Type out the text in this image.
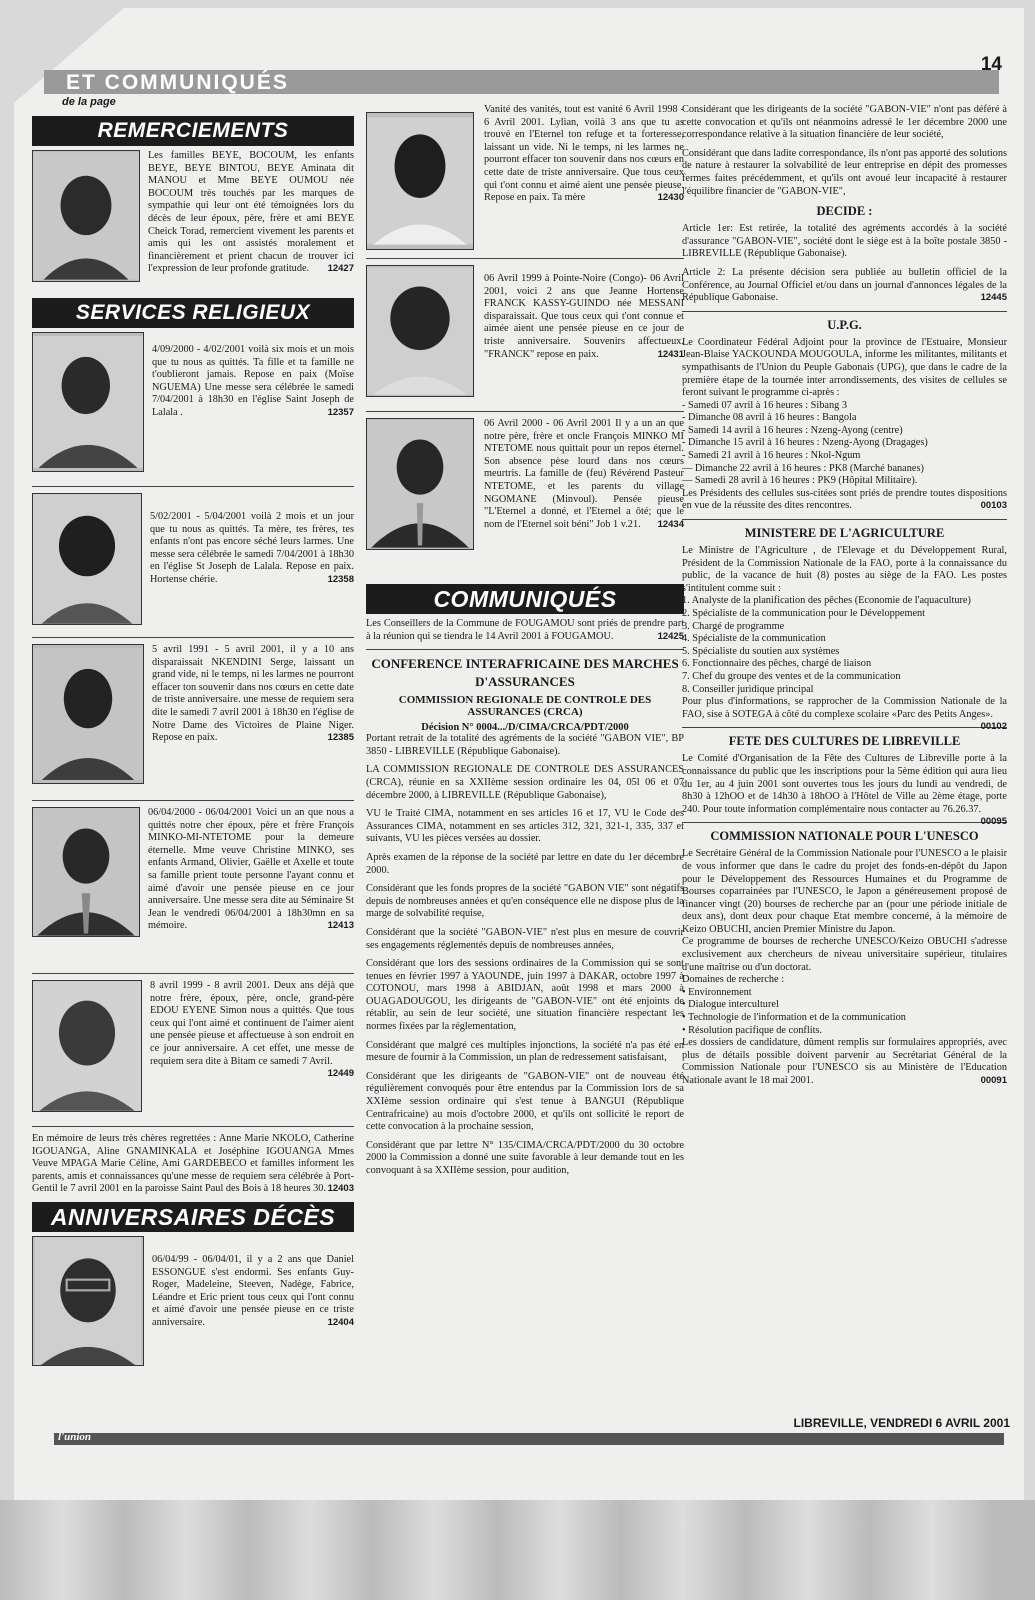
ET COMMUNIQUÉS
14
de la page
REMERCIEMENTS
Les familles BEYE, BOCOUM, les enfants BEYE, BEYE BINTOU, BEYE Aminata dit MANOU et Mme BEYE OUMOU née BOCOUM très touchés par les marques de sympathie qui leur ont été témoignées lors du décès de leur époux, père, frère et ami BEYE Cheick Torad, remercient vivement les parents et amis qui les ont assistés moralement et financièrement et prient chacun de trouver ici l'expression de leur profonde gratitude. 12427
SERVICES RELIGIEUX
4/09/2000 - 4/02/2001 voilà six mois et un mois que tu nous as quittés. Ta fille et ta famille ne t'oublieront jamais. Repose en paix (Moïse NGUEMA) Une messe sera célébrée le samedi 7/04/2001 à 18h30 en l'église Saint Joseph de Lalala .	12357
5/02/2001 - 5/04/2001 voilà 2 mois et un jour que tu nous as quittés. Ta mère, tes frères, tes enfants n'ont pas encore séché leurs larmes. Une messe sera célébrée le samedi 7/04/2001 à 18h30 en l'église St Joseph de Lalala. Repose en paix. Hortense chérie.	12358
5 avril 1991 - 5 avril 2001, il y a 10 ans disparaissait NKENDINI Serge, laissant un grand vide, ni le temps, ni les larmes ne pourront effacer ton souvenir dans nos cœurs en cette date de triste anniversaire. une messe de requiem sera dite le samedi 7 avril 2001 à 18h30 en l'église de Notre Dame des Victoires de Plaine Niger. Repose en paix.	12385
06/04/2000 - 06/04/2001 Voici un an que nous a quittés notre cher époux, père et frère François MINKO-MI-NTETOME pour la demeure éternelle. Mme veuve Christine MINKO, ses enfants Armand, Olivier, Gaëlle et Axelle et toute sa famille prient toute personne l'ayant connu et aimé d'avoir une pensée pieuse en ce jour anniversaire. Une messe sera dite au Séminaire St Jean le vendredi 06/04/2001 à 18h30mn en sa mémoire.	12413
8 avril 1999 - 8 avril 2001. Deux ans déjà que notre frère, époux, père, oncle, grand-père EDOU EYENE Simon nous a quittés. Que tous ceux qui l'ont aimé et continuent de l'aimer aient une pensée pieuse et affectueuse à son endroit en ce jour anniversaire. A cet effet, une messe de requiem sera dite à Bitam ce samedi 7 Avril.
12449
En mémoire de leurs très chères regrettées : Anne Marie NKOLO, Catherine IGOUANGA, Aline GNAMINKALA et Joséphine IGOUANGA Mmes Veuve MPAGA Marie Céline, Ami GARDEBECO et familles informent les parents, amis et connaissances qu'une messe de requiem sera célébrée à Port-Gentil le 7 avril 2001 en la paroisse Saint Paul des Bois à 18 heures 30. 12403
ANNIVERSAIRES DÉCÈS
06/04/99 - 06/04/01, il y a 2 ans que Daniel ESSONGUE s'est endormi. Ses enfants Guy-Roger, Madeleine, Steeven, Nadège, Fabrice, Léandre et Eric prient tous ceux qui l'ont connu et aimé d'avoir une pensée pieuse en ce triste anniversaire.	12404
Vanité des vanités, tout est vanité 6 Avril 1998 - 6 Avril 2001. Lylian, voilà 3 ans que tu as trouvé en l'Eternel ton refuge et ta forteresse, laissant un vide. Ni le temps, ni les larmes ne pourront effacer ton souvenir dans nos cœurs en cette date de triste anniversaire. Que tous ceux qui t'ont connu et aimé aient une pensée pieuse. Repose en paix. Ta mère	12430
06 Avril 1999 à Pointe-Noire (Congo)- 06 Avril 2001, voici 2 ans que Jeanne Hortense FRANCK KASSY-GUINDO née MESSANI disparaissait. Que tous ceux qui t'ont connue et aimée aient une pensée pieuse en ce jour de triste anniversaire. Souvenirs affectueux. "FRANCK" repose en paix.	12431
06 Avril 2000 - 06 Avril 2001 Il y a un an que notre père, frère et oncle François MINKO MI NTETOME nous quittait pour un repos éternel. Son absence pèse lourd dans nos cœurs meurtris. La famille de (feu) Révérend Pasteur NTETOME, et les parents du village NGOMANE (Minvoul). Pensée pieuse "L'Eternel a donné, et l'Eternel a ôté; que le nom de l'Eternel soit béni" Job 1 v.21. 12434
COMMUNIQUÉS
Les Conseillers de la Commune de FOUGAMOU sont priés de prendre part à la réunion qui se tiendra le 14 Avril 2001 à FOUGAMOU.	12425
CONFERENCE INTERAFRICAINE DES MARCHES
D'ASSURANCES
COMMISSION REGIONALE DE CONTROLE DES ASSURANCES (CRCA)
Décision N° 0004.../D/CIMA/CRCA/PDT/2000

Portant retrait de la totalité des agréments de la société "GABON VIE", BP 3850 - LIBREVILLE (République Gabonaise).

LA COMMISSION REGIONALE DE CONTROLE DES ASSURANCES (CRCA), réunie en sa XXIIème session ordinaire les 04, 05l 06 et 07 décembre 2000, à LIBREVILLE (République Gabonaise),

VU le Traité CIMA, notamment en ses articles 16 et 17, VU le Code des Assurances CIMA, notamment en ses articles 312, 321, 321-1, 335, 337 et suivants, VU les pièces versées au dossier.

Après examen de la réponse de la société par lettre en date du 1er décembre 2000.

Considérant que les fonds propres de la société "GABON VIE" sont négatifs depuis de nombreuses années et qu'en conséquence elle ne dispose plus de la marge de solvabilité requise,

Considérant que la société "GABON-VIE" n'est plus en mesure de couvrir ses engagements réglementés depuis de nombreuses années,

Considérant que lors des sessions ordinaires de la Commission qui se sont tenues en février 1997 à YAOUNDE, juin 1997 à DAKAR, octobre 1997 à COTONOU, mars 1998 à ABIDJAN, août 1998 et mars 2000 à OUAGADOUGOU, les dirigeants de "GABON-VIE" ont été enjoints de rétablir, au sein de leur société, une situation financière respectant les normes fixées par la réglementation,

Considérant que malgré ces multiples injonctions, la société n'a pas été en mesure de fournir à la Commission, un plan de redressement satisfaisant,

Considérant que les dirigeants de "GABON-VIE" ont de nouveau été régulièrement convoqués pour être entendus par la Commission lors de sa XXIème session ordinaire qui s'est tenue à BANGUI (République Centrafricaine) au mois d'octobre 2000, et qu'ils ont sollicité le report de cette convocation à la prochaine session,

Considérant que par lettre N° 135/CIMA/CRCA/PDT/2000 du 30 octobre 2000 la Commission a donné une suite favorable à leur demande tout en les convoquant à sa XXIIème session, pour audition,

Considérant que les dirigeants de la société "GABON-VIE" n'ont pas déféré à cette convocation et qu'ils ont néanmoins adressé le 1er décembre 2000 une correspondance relative à la situation financière de leur société,

Considérant que dans ladite correspondance, ils n'ont pas apporté des solutions de nature à restaurer la solvabilité de leur entreprise en dépit des promesses fermes faites précédemment, et qu'ils ont avoué leur incapacité à restaurer l'équilibre financier de "GABON-VIE",

DECIDE :

Article 1er: Est retirée, la totalité des agréments accordés à la société d'assurance "GABON-VIE", société dont le siège est à la boîte postale 3850 - LIBREVILLE (République Gabonaise).

Article 2: La présente décision sera publiée au bulletin officiel de la Conférence, au Journal Officiel et/ou dans un journal d'annonces légales de la République Gabonaise.	12445

U.P.G.

Le Coordinateur Fédéral Adjoint pour la province de l'Estuaire, Monsieur Jean-Blaise YACKOUNDA MOUGOULA, informe les militantes, militants et sympathisants de l'Union du Peuple Gabonais (UPG), que dans le cadre de la première étape de la tournée inter arrondissements, des visites de cellules se feront suivant le programme ci-après :

- Samedi 07 avril à 16 heures : Sibang 3
- Dimanche 08 avril à 16 heures : Bangola
- Samedi 14 avril à 16 heures : Nzeng-Ayong (centre)
- Dimanche 15 avril à 16 heures : Nzeng-Ayong (Dragages)
- Samedi 21 avril à 16 heures : Nkol-Ngum
— Dimanche 22 avril à 16 heures : PK8 (Marché bananes)
— Samedi 28 avril à 16 heures : PK9 (Hôpital Militaire).

Les Présidents des cellules sus-citées sont priés de prendre toutes dispositions en vue de la réussite des dites rencontres.	00103

MINISTERE DE L'AGRICULTURE

Le Ministre de l'Agriculture , de l'Elevage et du Développement Rural, Président de la Commission Nationale de la FAO, porte à la connaissance du public, de la vacance de huit (8) postes au siège de la FAO. Les postes s'intitulent comme suit :

1. Analyste de la planification des pêches (Economie de l'aquaculture)
2. Spécialiste de la communication pour le Développement
3. Chargé de programme
4. Spécialiste de la communication
5. Spécialiste du soutien aux systèmes
6. Fonctionnaire des pêches, chargé de liaison
7. Chef du groupe des ventes et de la communication
8. Conseiller juridique principal

Pour plus d'informations, se rapprocher de la Commission Nationale de la FAO, sise à SOTEGA à côté du complexe scolaire «Parc des Petits Anges».
00102

FETE DES CULTURES DE LIBREVILLE

Le Comité d'Organisation de la Fête des Cultures de Libreville porte à la connaissance du public que les inscriptions pour la 5ème édition qui aura lieu du 1er, au 4 juin 2001 sont ouvertes tous les jours du lundi au vendredi, de 8h30 à 12hOO et de 14h30 à 18hOO à l'Hôtel de Ville au 2ème étage, porte 240. Pour toute information complémentaire nous contacter au 76.26.37.
00095

COMMISSION NATIONALE POUR L'UNESCO

Le Secrétaire Général de la Commission Nationale pour l'UNESCO a le plaisir de vous informer que dans le cadre du projet des fonds-en-dépôt du Japon pour le Développement des Ressources Humaines et du Programme de Bourses coparrainées par l'UNESCO, le Japon a généreusement proposé de financer vingt (20) bourses de recherche par an (pour une période initiale de deux ans), dont deux pour chaque Etat membre concerné, à la mémoire de Keizo OBUCHI, ancien Premier Ministre du Japon.

Ce programme de bourses de recherche UNESCO/Keizo OBUCHI s'adresse exclusivement aux chercheurs de niveau universitaire supérieur, titulaires d'une maîtrise ou d'un doctorat.

Domaines de recherche :

• Environnement
• Dialogue interculturel
• Technologie de l'information et de la communication
• Résolution pacifique de conflits.

Les dossiers de candidature, dûment remplis sur formulaires appropriés, avec plus de détails possible doivent parvenir au Secrétariat Général de la Commission Nationale pour l'UNESCO sis au Ministère de l'Education Nationale avant le 18 mai 2001.	00091

LIBREVILLE, VENDREDI 6 AVRIL 2001
l'union
